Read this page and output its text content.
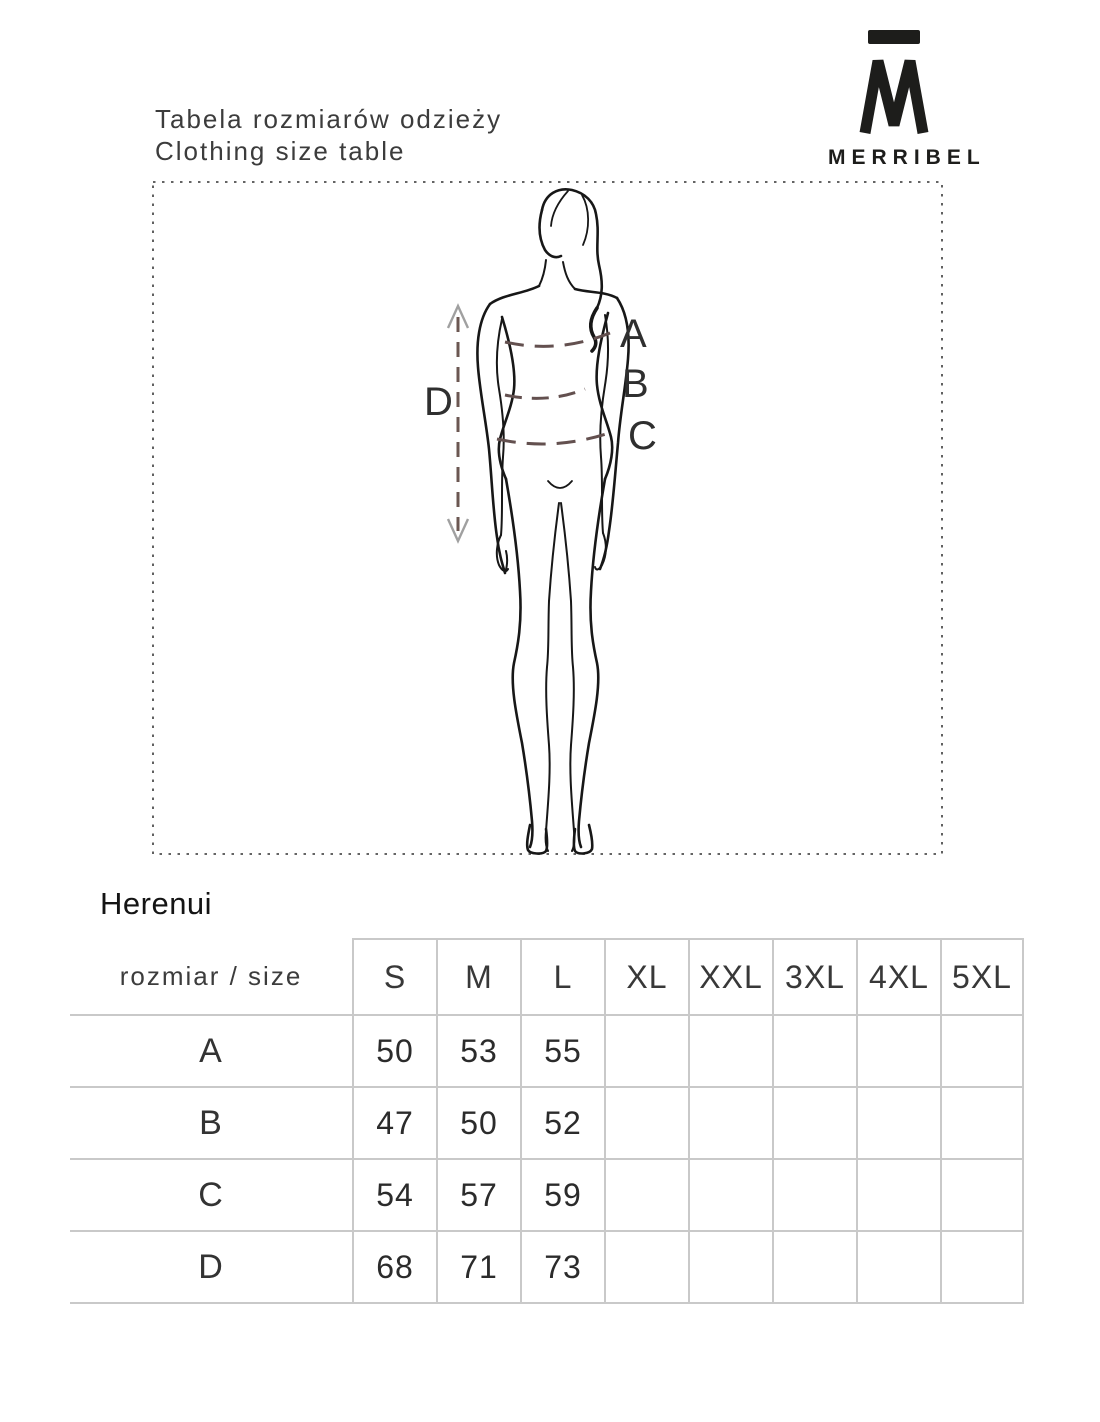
Tabela rozmiarów odzieży
Clothing size table	MERRIBEL
A
B
C
D
Herenui
rozmiar / size	S	M	L	XL XXL 3XL 4XL 5XL
A	50	53	55
B	47	50	52
C	54	57	59
D	68	71	73
